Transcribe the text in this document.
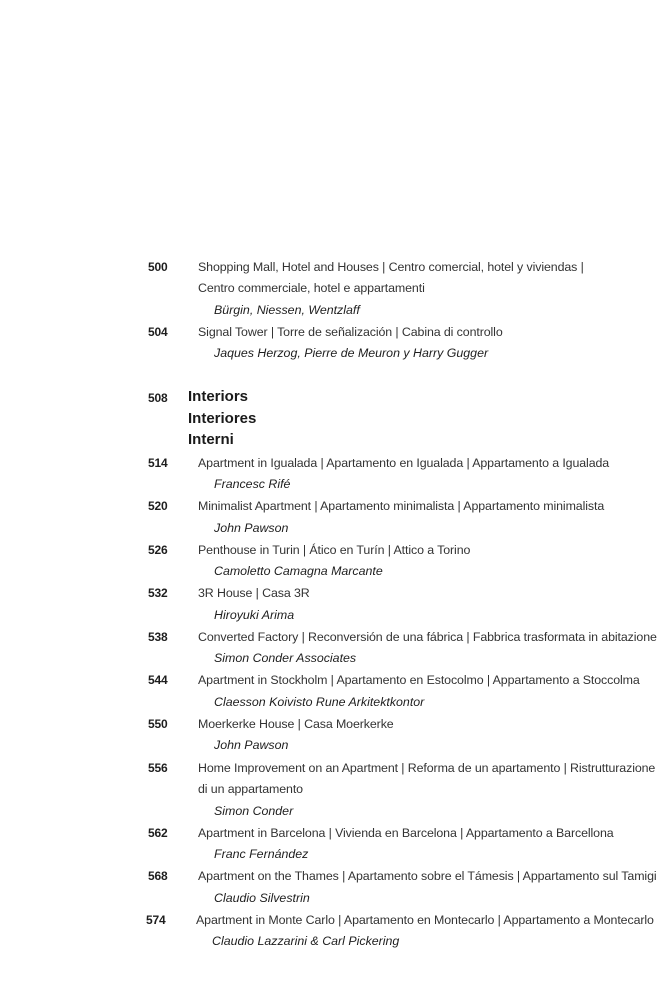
500 Shopping Mall, Hotel and Houses | Centro comercial, hotel y viviendas |
Centro commerciale, hotel e appartamenti
Bürgin, Niessen, Wentzlaff
504 Signal Tower | Torre de señalización | Cabina di controllo
Jaques Herzog, Pierre de Meuron y Harry Gugger
508 Interiors
Interiores
Interni
514 Apartment in Igualada | Apartamento en Igualada | Appartamento a Igualada
Francesc Rifé
520 Minimalist Apartment | Apartamento minimalista | Appartamento minimalista
John Pawson
526 Penthouse in Turin | Ático en Turín | Attico a Torino
Camoletto Camagna Marcante
532 3R House | Casa 3R
Hiroyuki Arima
538 Converted Factory | Reconversión de una fábrica | Fabbrica trasformata in abitazione
Simon Conder Associates
544 Apartment in Stockholm | Apartamento en Estocolmo | Appartamento a Stoccolma
Claesson Koivisto Rune Arkitektkontor
550 Moerkerke House | Casa Moerkerke
John Pawson
556 Home Improvement on an Apartment | Reforma de un apartamento | Ristrutturazione
di un appartamento
Simon Conder
562 Apartment in Barcelona | Vivienda en Barcelona | Appartamento a Barcellona
Franc Fernández
568 Apartment on the Thames | Apartamento sobre el Támesis | Appartamento sul Tamigi
Claudio Silvestrin
574 Apartment in Monte Carlo | Apartamento en Montecarlo | Appartamento a Montecarlo
Claudio Lazzarini & Carl Pickering
